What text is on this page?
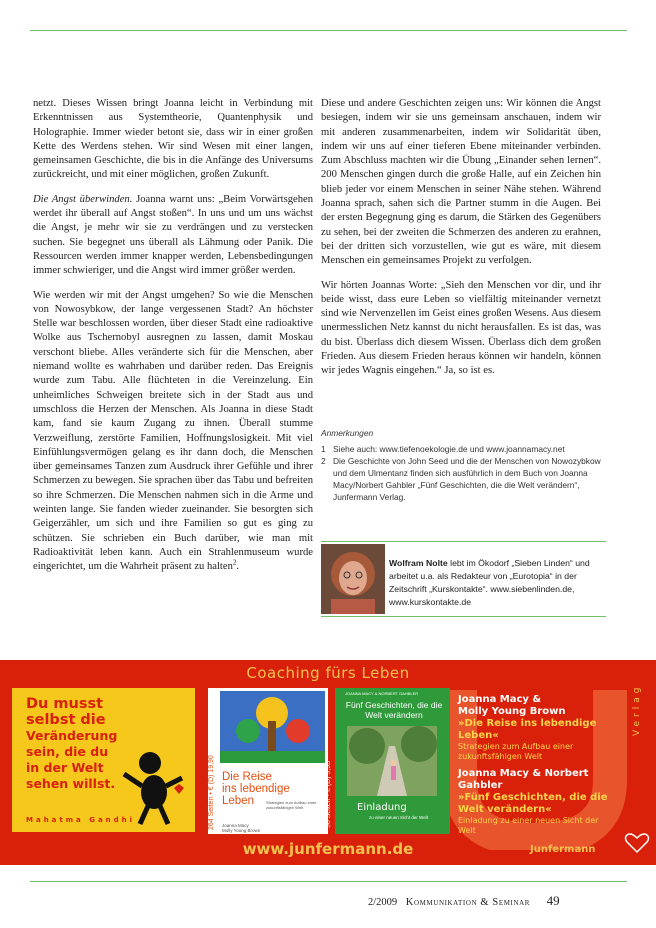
netzt. Dieses Wissen bringt Joanna leicht in Verbindung mit Erkenntnissen aus Systemtheorie, Quantenphysik und Holographie. Immer wieder betont sie, dass wir in einer großen Kette des Werdens stehen. Wir sind Wesen mit einer langen, gemeinsamen Geschichte, die bis in die Anfänge des Universums zurückreicht, und mit einer möglichen, großen Zukunft.

Die Angst überwinden. Joanna warnt uns: „Beim Vorwärtsgehen werdet ihr überall auf Angst stoßen“. In uns und um uns wächst die Angst, je mehr wir sie zu verdrängen und zu verstecken suchen. Sie begegnet uns überall als Lähmung oder Panik. Die Ressourcen werden immer knapper werden, Lebensbedingungen immer schwieriger, und die Angst wird immer größer werden.

Wie werden wir mit der Angst umgehen? So wie die Menschen von Nowosybkow, der lange vergessenen Stadt? An höchster Stelle war beschlossen worden, über dieser Stadt eine radioaktive Wolke aus Tschernobyl ausregnen zu lassen, damit Moskau verschont bliebe. Alles veränderte sich für die Menschen, aber niemand wollte es wahrhaben und darüber reden. Das Ereignis wurde zum Tabu. Alle flüchteten in die Vereinzelung. Ein unheimliches Schweigen breitete sich in der Stadt aus und umschloss die Herzen der Menschen. Als Joanna in diese Stadt kam, fand sie kaum Zugang zu ihnen. Überall stumme Verzweiflung, zerstörte Familien, Hoffnungslosigkeit. Mit viel Einfühlungsvermögen gelang es ihr dann doch, die Menschen über gemeinsames Tanzen zum Ausdruck ihrer Gefühle und ihrer Schmerzen zu bewegen. Sie sprachen über das Tabu und befreiten so ihre Schmerzen. Die Menschen nahmen sich in die Arme und weinten lange. Sie fanden wieder zueinander. Sie besorgten sich Geigerzähler, um sich und ihre Familien so gut es ging zu schützen. Sie schrieben ein Buch darüber, wie man mit Radioaktivität leben kann. Auch ein Strahlenmuseum wurde eingerichtet, um die Wahrheit präsent zu halten$^2$.

Diese und andere Geschichten zeigen uns: Wir können die Angst besiegen, indem wir sie uns gemeinsam anschauen, indem wir mit anderen zusammenarbeiten, indem wir Solidarität üben, indem wir uns auf einer tieferen Ebene miteinander verbinden. Zum Abschluss machten wir die Übung „Einander sehen lernen“. 200 Menschen gingen durch die große Halle, auf ein Zeichen hin blieb jeder vor einem Menschen in seiner Nähe stehen. Während Joanna sprach, sahen sich die Partner stumm in die Augen. Bei der ersten Begegnung ging es darum, die Stärken des Gegenübers zu sehen, bei der zweiten die Schmerzen des anderen zu erahnen, bei der dritten sich vorzustellen, wie gut es wäre, mit diesem Menschen ein gemeinsames Projekt zu verfolgen.

Wir hörten Joannas Worte: „Sieh den Menschen vor dir, und ihr beide wisst, dass eure Leben so vielfältig miteinander vernetzt sind wie Nervenzellen im Geist eines großen Wesens. Aus diesem unermesslichen Netz kannst du nicht herausfallen. Es ist das, was du bist. Überlass dich diesem Wissen. Überlass dich dem großen Frieden. Aus diesem Frieden heraus können wir handeln, können wir jedes Wagnis eingehen.“ Ja, so ist es.

Anmerkungen
1 Siehe auch: www.tiefenoekologie.de und www.joannamacy.net
2 Die Geschichte von John Seed und die der Menschen von Nowozybkow und dem Ulmentanz finden sich ausführlich in dem Buch von Joanna Macy/Norbert Gahbler „Fünf Geschichten, die die Welt verändern“, Junfermann Verlag.
Wolfram Nolte lebt im Ökodorf „Sieben Linden“ und arbeitet u.a. als Redakteur von „Eurotopia“ in der Zeitschrift „Kurskontakte“. www.siebenlinden.de, www.kurskontakte.de
Coaching fürs Leben
Du musst
selbst die

Veränderung
sein, die du
in der Welt
sehen willst.
Mahatma Gandhi	264 Seiten • € (D) 19,90 Die Reise
ins lebendige
Leben	Strategien zum Aufbau einer zukunftsfähigen Welt
Joanna Macy
Molly Young Brown
96 Seiten • € (D) 9,95
JOANNA MACY & NORBERT GAHBLER
Fünf Geschichten, die die Welt verändern
Einladung
zu einer neuen Sicht der Welt
Joanna Macy &
Molly Young Brown
»Die Reise ins lebendige Leben«
Strategien zum Aufbau einer zukunftsfähigen Welt
Joanna Macy & Norbert Gahbler
»Fünf Geschichten, die die Welt verändern«
Einladung zu einer neuen Sicht der Welt
Verlag
www.junfermann.de	Junfermann
2/2009 Kommunikation & Seminar 49
